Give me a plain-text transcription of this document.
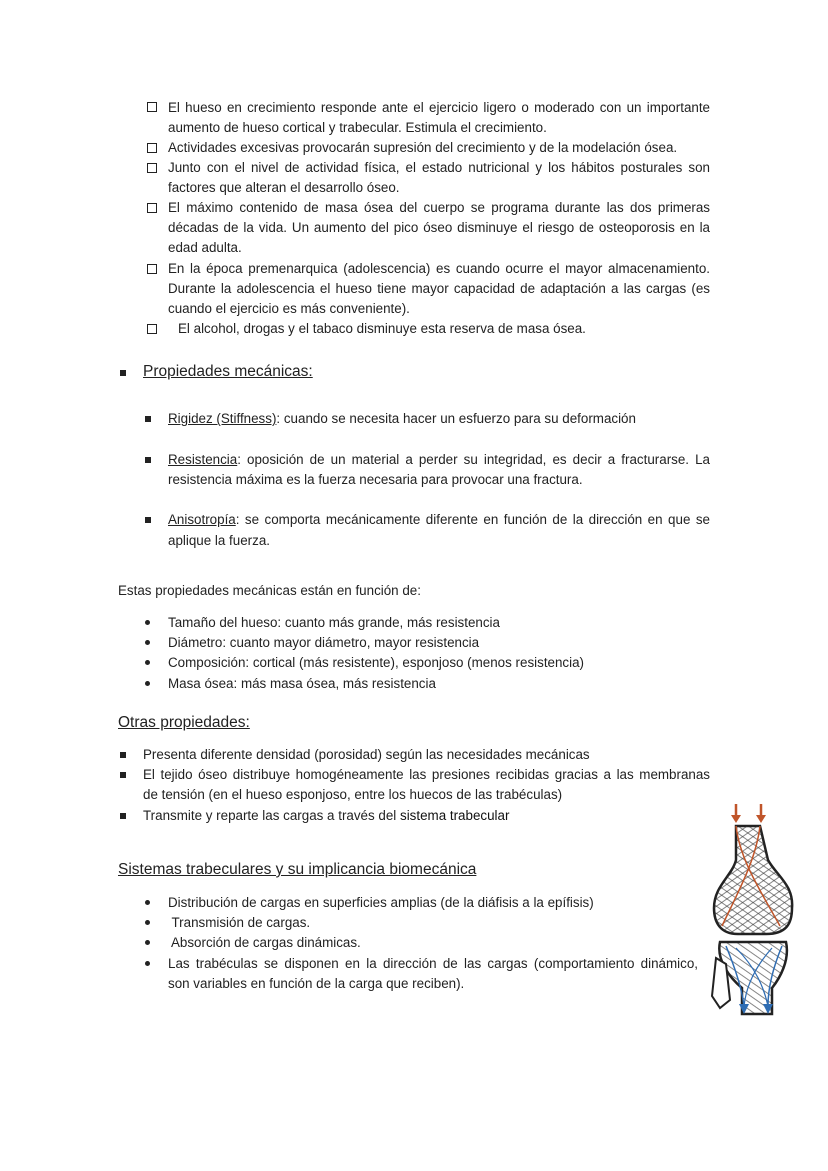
El hueso en crecimiento responde ante el ejercicio ligero o moderado con un importante
aumento de hueso cortical y trabecular. Estimula el crecimiento.
Actividades excesivas provocarán supresión del crecimiento y de la modelación ósea.
Junto con el nivel de actividad física, el estado nutricional y los hábitos posturales son
factores que alteran el desarrollo óseo.
El máximo contenido de masa ósea del cuerpo se programa durante las dos primeras
décadas de la vida. Un aumento del pico óseo disminuye el riesgo de osteoporosis en la
edad adulta.
En la época premenarquica (adolescencia) es cuando ocurre el mayor almacenamiento.
Durante la adolescencia el hueso tiene mayor capacidad de adaptación a las cargas (es
cuando el ejercicio es más conveniente).
El alcohol, drogas y el tabaco disminuye esta reserva de masa ósea.
Propiedades mecánicas:
Rigidez (Stiffness): cuando se necesita hacer un esfuerzo para su deformación
Resistencia : oposición de un material a perder su integridad, es decir a fracturarse. La
resistencia máxima es la fuerza necesaria para provocar una fractura.
Anisotropía : se comporta mecánicamente diferente en función de la dirección en que se
aplique la fuerza.
Estas propiedades mecánicas están en función de:
Tamaño del hueso: cuanto más grande, más resistencia
Diámetro: cuanto mayor diámetro, mayor resistencia
Composición: cortical (más resistente), esponjoso (menos resistencia)
Masa ósea: más masa ósea, más resistencia
Otras propiedades:
Presenta diferente densidad (porosidad) según las necesidades mecánicas
El tejido óseo distribuye homogéneamente las presiones recibidas gracias a las membranas
de tensión (en el hueso esponjoso, entre los huecos de las trabéculas)
Transmite y reparte las cargas a través del sistema trabecular
Sistemas trabeculares y su implicancia biomecánica
Distribución de cargas en superficies amplias (de la diáfisis a la epífisis)
Transmisión de cargas.
Absorción de cargas dinámicas.
Las trabéculas se disponen en la dirección de las cargas (comportamiento dinámico,
son variables en función de la carga que reciben).
